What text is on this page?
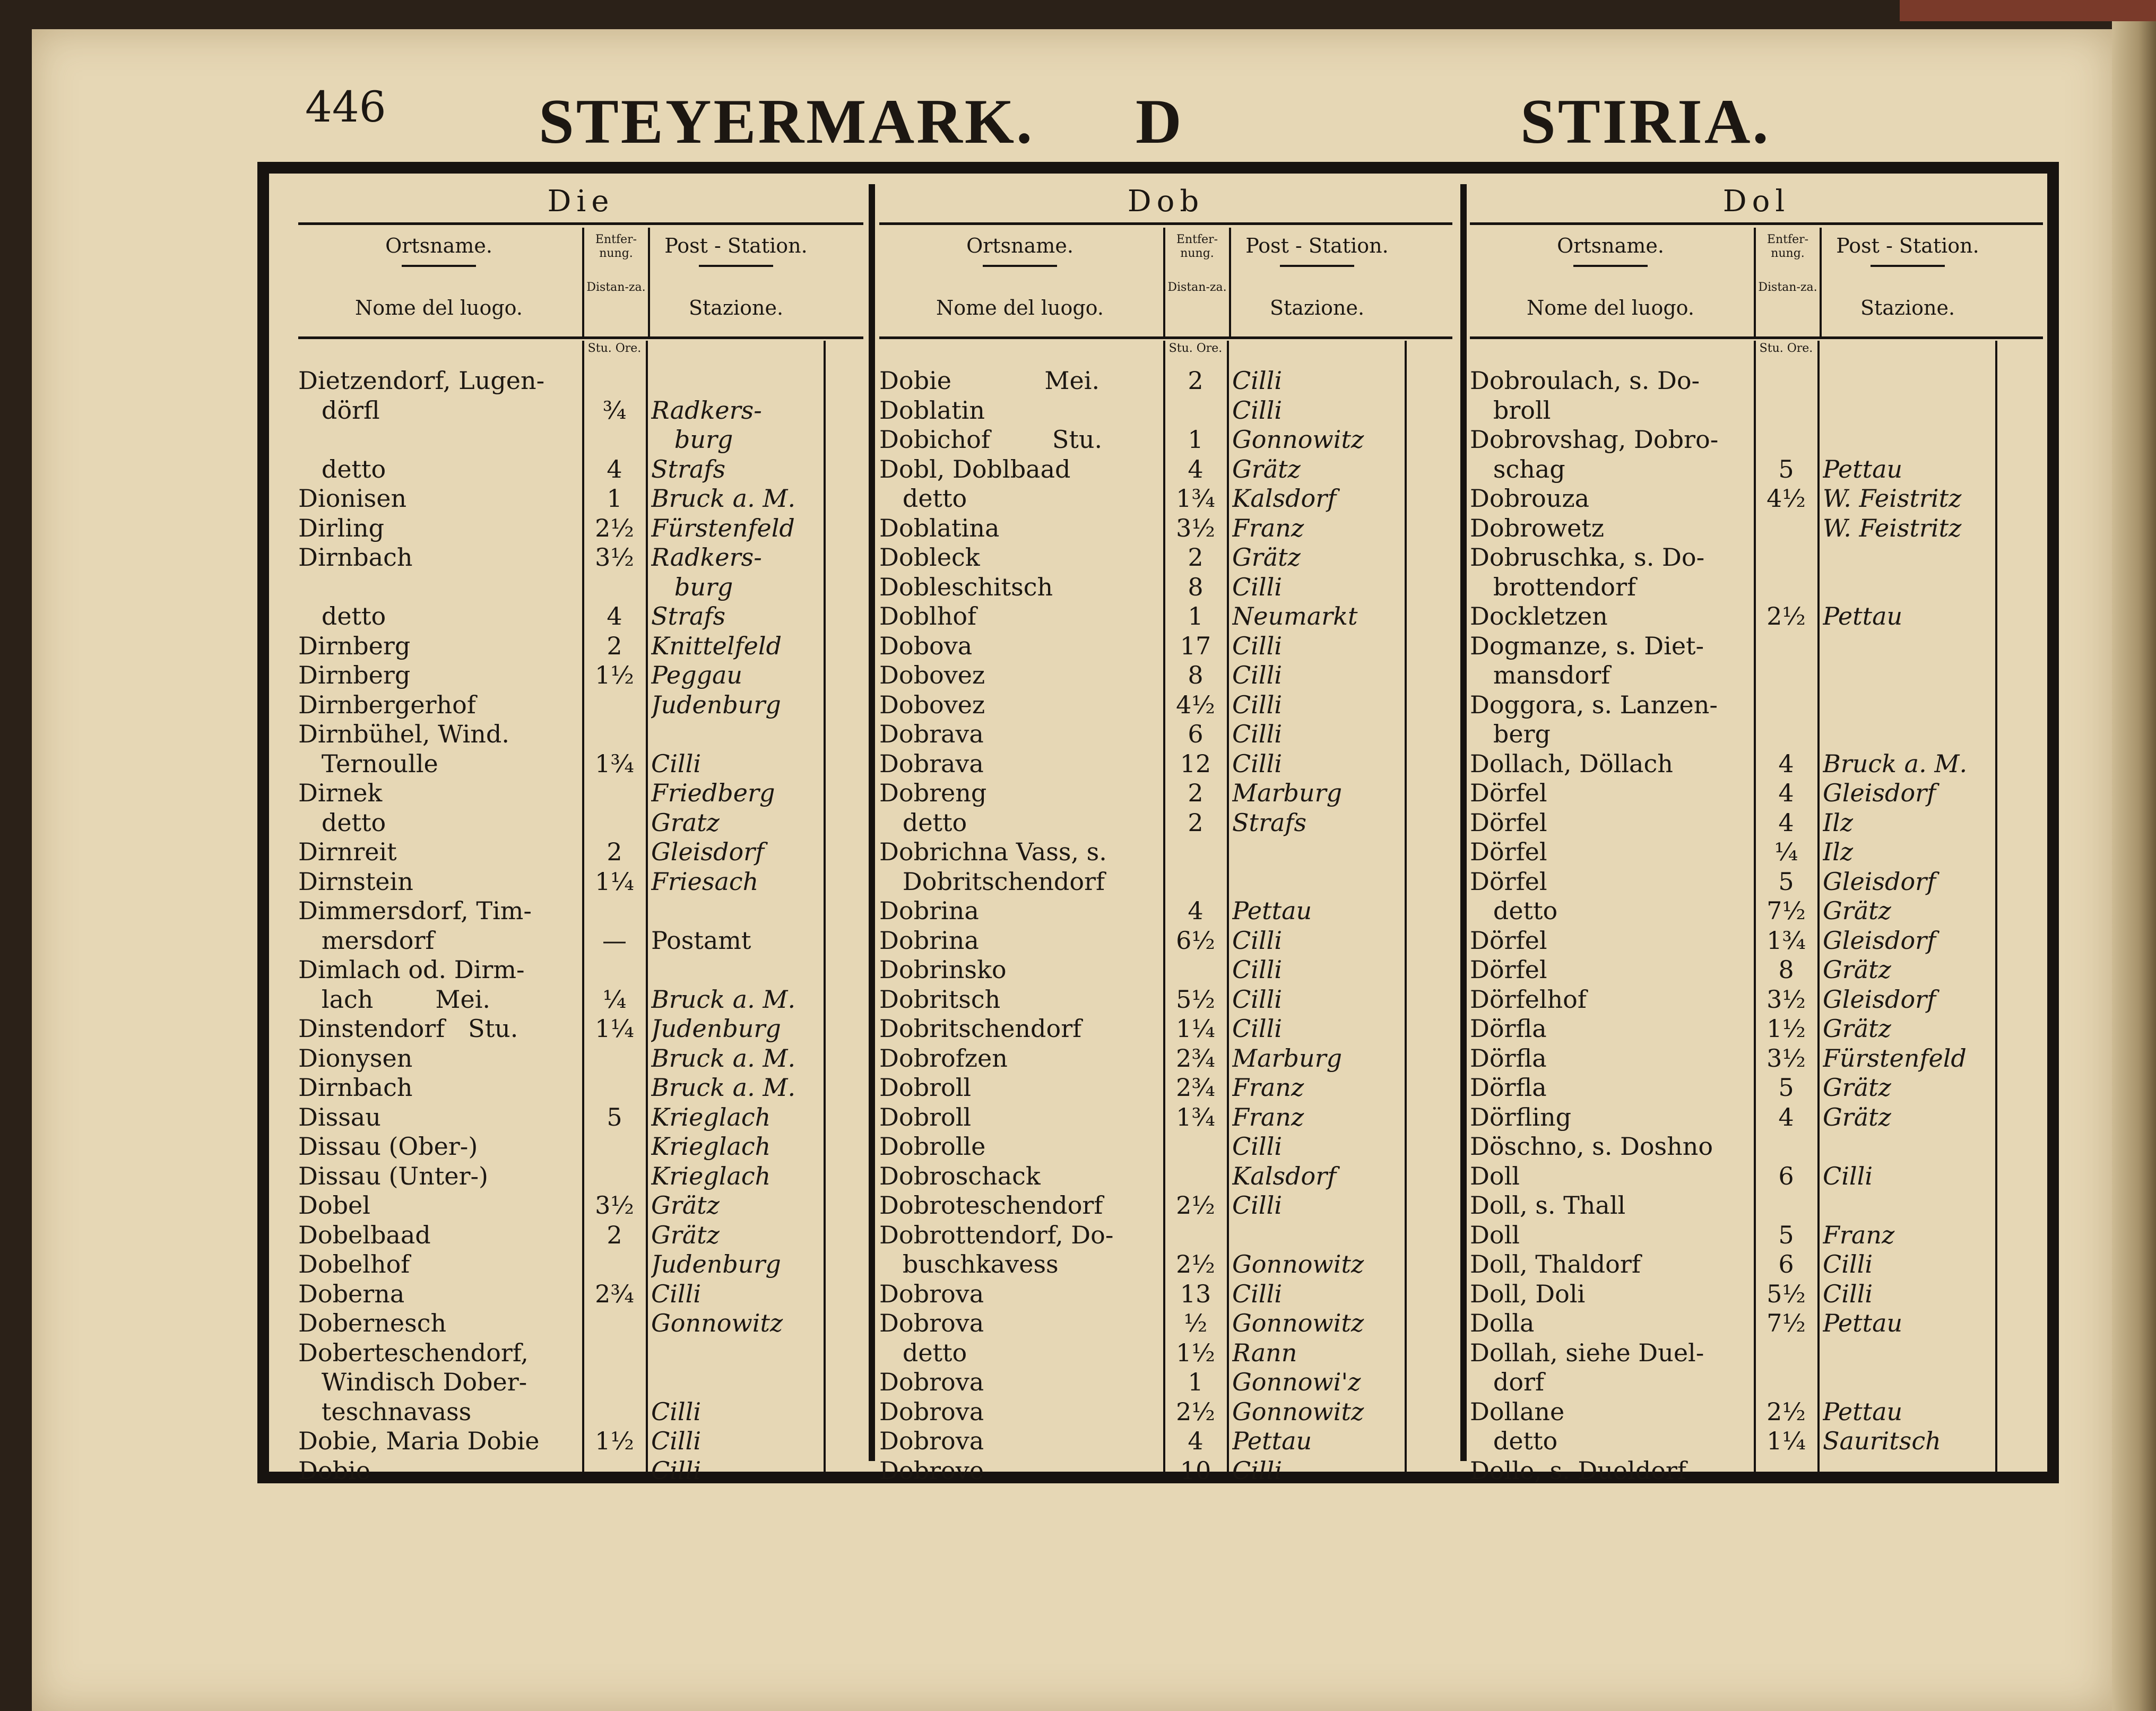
446 STEYERMARK. D	STIRIA.
Die
Ortsname.
Nome del luogo.
Entfer-nung.
Distan-za.
Post - Station.
Stazione.
Stu. Ore.
Dietzendorf, Lugen-
dörfl	¾	Radkers-
burg
detto	4	Strafs
Dionisen	1	Bruck a. M.
Dirling	2½ Fürstenfeld
Dirnbach	3½ Radkers-
burg
detto	4	Strafs
Dirnberg	2	Knittelfeld
Dirnberg	1½ Peggau
Dirnbergerhof	Judenburg
Dirnbühel, Wind.
Ternoulle	1¾ Cilli
Dirnek	Friedberg
detto	Gratz
Dirnreit	2	Gleisdorf
Dirnstein	1¼ Friesach
Dimmersdorf, Tim-
mersdorf	—	Postamt
Dimlach od. Dirm-
lach        Mei.	¼	Bruck a. M.
Dinstendorf   Stu.	1¼ Judenburg
Dionysen	Bruck a. M.
Dirnbach	Bruck a. M.
Dissau	5	Krieglach
Dissau (Ober-)	Krieglach
Dissau (Unter-)	Krieglach
Dobel	3½ Grätz
Dobelbaad	2	Grätz
Dobelhof	Judenburg
Doberna	2¾ Cilli
Dobernesch	Gonnowitz
Doberteschendorf,
Windisch Dober-
teschnavass	Cilli
Dobie, Maria Dobie	1½ Cilli
Dobie	Cilli
Dob
Ortsname.
Nome del luogo.
Entfer-nung.
Distan-za.
Post - Station.
Stazione.
Stu. Ore.
Dobie            Mei.	2	Cilli
Doblatin	Cilli
Dobichof        Stu.	1	Gonnowitz
Dobl, Doblbaad	4	Grätz
detto	1¾ Kalsdorf
Doblatina	3½ Franz
Dobleck	2	Grätz
Dobleschitsch	8	Cilli
Doblhof	1	Neumarkt
Dobova	17 Cilli
Dobovez	8	Cilli
Dobovez	4½ Cilli
Dobrava	6	Cilli
Dobrava	12 Cilli
Dobreng	2	Marburg
detto	2	Strafs
Dobrichna Vass, s.
Dobritschendorf
Dobrina	4	Pettau
Dobrina	6½ Cilli
Dobrinsko	Cilli
Dobritsch	5½ Cilli
Dobritschendorf	1¼ Cilli
Dobrofzen	2¾ Marburg
Dobroll	2¾ Franz
Dobroll	1¾ Franz
Dobrolle	Cilli
Dobroschack	Kalsdorf
Dobroteschendorf	2½ Cilli
Dobrottendorf, Do-
buschkavess	2½ Gonnowitz
Dobrova	13 Cilli
Dobrova	½	Gonnowitz
detto	1½ Rann
Dobrova	1	Gonnowi'z
Dobrova	2½ Gonnowitz
Dobrova	4	Pettau
Dobrove	10 Cilli
Dol
Ortsname.
Nome del luogo.
Entfer-nung.
Distan-za.
Post - Station.
Stazione.
Stu. Ore.
Dobroulach, s. Do-
broll
Dobrovshag, Dobro-
schag	5	Pettau
Dobrouza	4½ W. Feistritz
Dobrowetz	W. Feistritz
Dobruschka, s. Do-
brottendorf
Dockletzen	2½ Pettau
Dogmanze, s. Diet-
mansdorf
Doggora, s. Lanzen-
berg
Dollach, Döllach	4	Bruck a. M.
Dörfel	4	Gleisdorf
Dörfel	4	Ilz
Dörfel	¼	Ilz
Dörfel	5	Gleisdorf
detto	7½ Grätz
Dörfel	1¾ Gleisdorf
Dörfel	8	Grätz
Dörfelhof	3½ Gleisdorf
Dörfla	1½ Grätz
Dörfla	3½ Fürstenfeld
Dörfla	5	Grätz
Dörfling	4	Grätz
Döschno, s. Doshno
Doll	6	Cilli
Doll, s. Thall
Doll	5	Franz
Doll, Thaldorf	6	Cilli
Doll, Doli	5½ Cilli
Dolla	7½ Pettau
Dollah, siehe Duel-
dorf
Dollane	2½ Pettau
detto	1¼ Sauritsch
Dolle, s. Dueldorf
